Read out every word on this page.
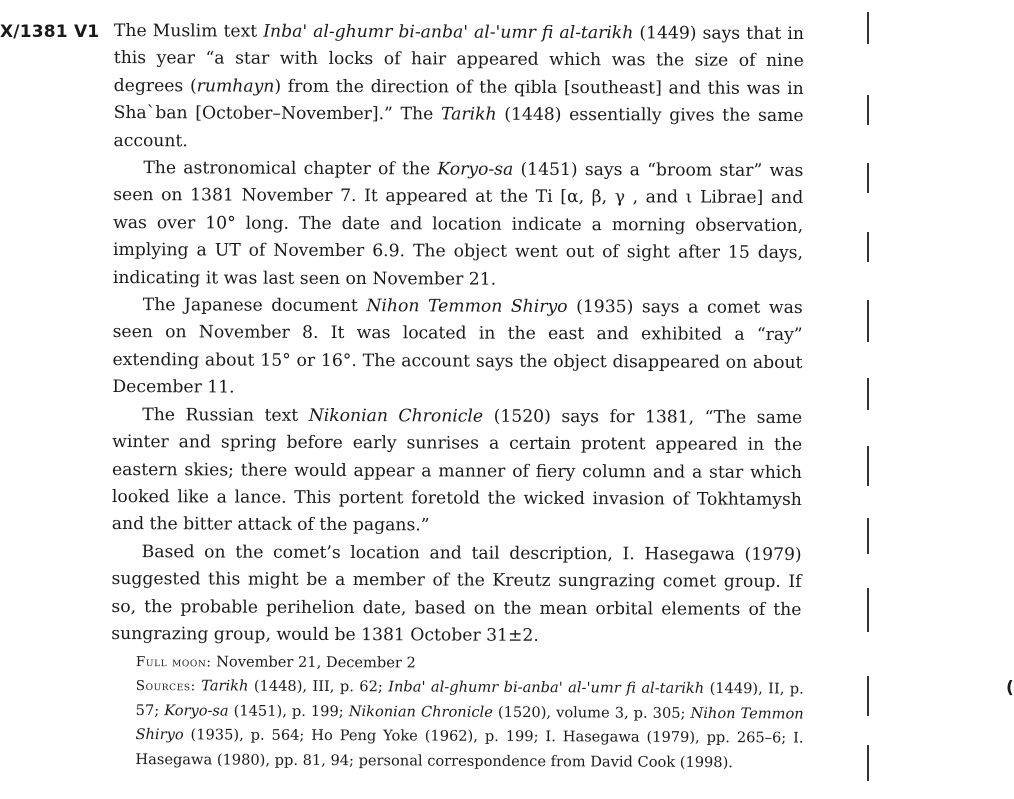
X/1381 V1 The Muslim text Inba' al-ghumr bi-anba' al-'umr fi al-tarikh (1449) says that in this year “a star with locks of hair appeared which was the size of nine degrees (rumhayn) from the direction of the qibla [southeast] and this was in Sha`ban [October–November].” The Tarikh (1448) essentially gives the same account.

The astronomical chapter of the Koryo-sa (1451) says a “broom star” was seen on 1381 November 7. It appeared at the Ti [α, β, γ , and ι Librae] and was over 10° long. The date and location indicate a morning observation, implying a UT of November 6.9. The object went out of sight after 15 days, indicating it was last seen on November 21.

The Japanese document Nihon Temmon Shiryo (1935) says a comet was seen on November 8. It was located in the east and exhibited a “ray” extending about 15° or 16°. The account says the object disappeared on about December 11.

The Russian text Nikonian Chronicle (1520) says for 1381, “The same winter and spring before early sunrises a certain protent appeared in the eastern skies; there would appear a manner of fiery column and a star which looked like a lance. This portent foretold the wicked invasion of Tokhtamysh and the bitter attack of the pagans.”

Based on the comet’s location and tail description, I. Hasegawa (1979) suggested this might be a member of the Kreutz sungrazing comet group. If so, the probable perihelion date, based on the mean orbital elements of the sungrazing group, would be 1381 October 31±2.

Full moon: November 21, December 2

Sources: Tarikh (1448), III, p. 62; Inba' al-ghumr bi-anba' al-'umr fi al-tarikh (1449), II, p. 57; Koryo-sa (1451), p. 199; Nikonian Chronicle (1520), volume 3, p. 305; Nihon Temmon Shiryo (1935), p. 564; Ho Peng Yoke (1962), p. 199; I. Hasegawa (1979), pp. 265–6; I. Hasegawa (1980), pp. 81, 94; personal correspondence from David Cook (1998).

(
